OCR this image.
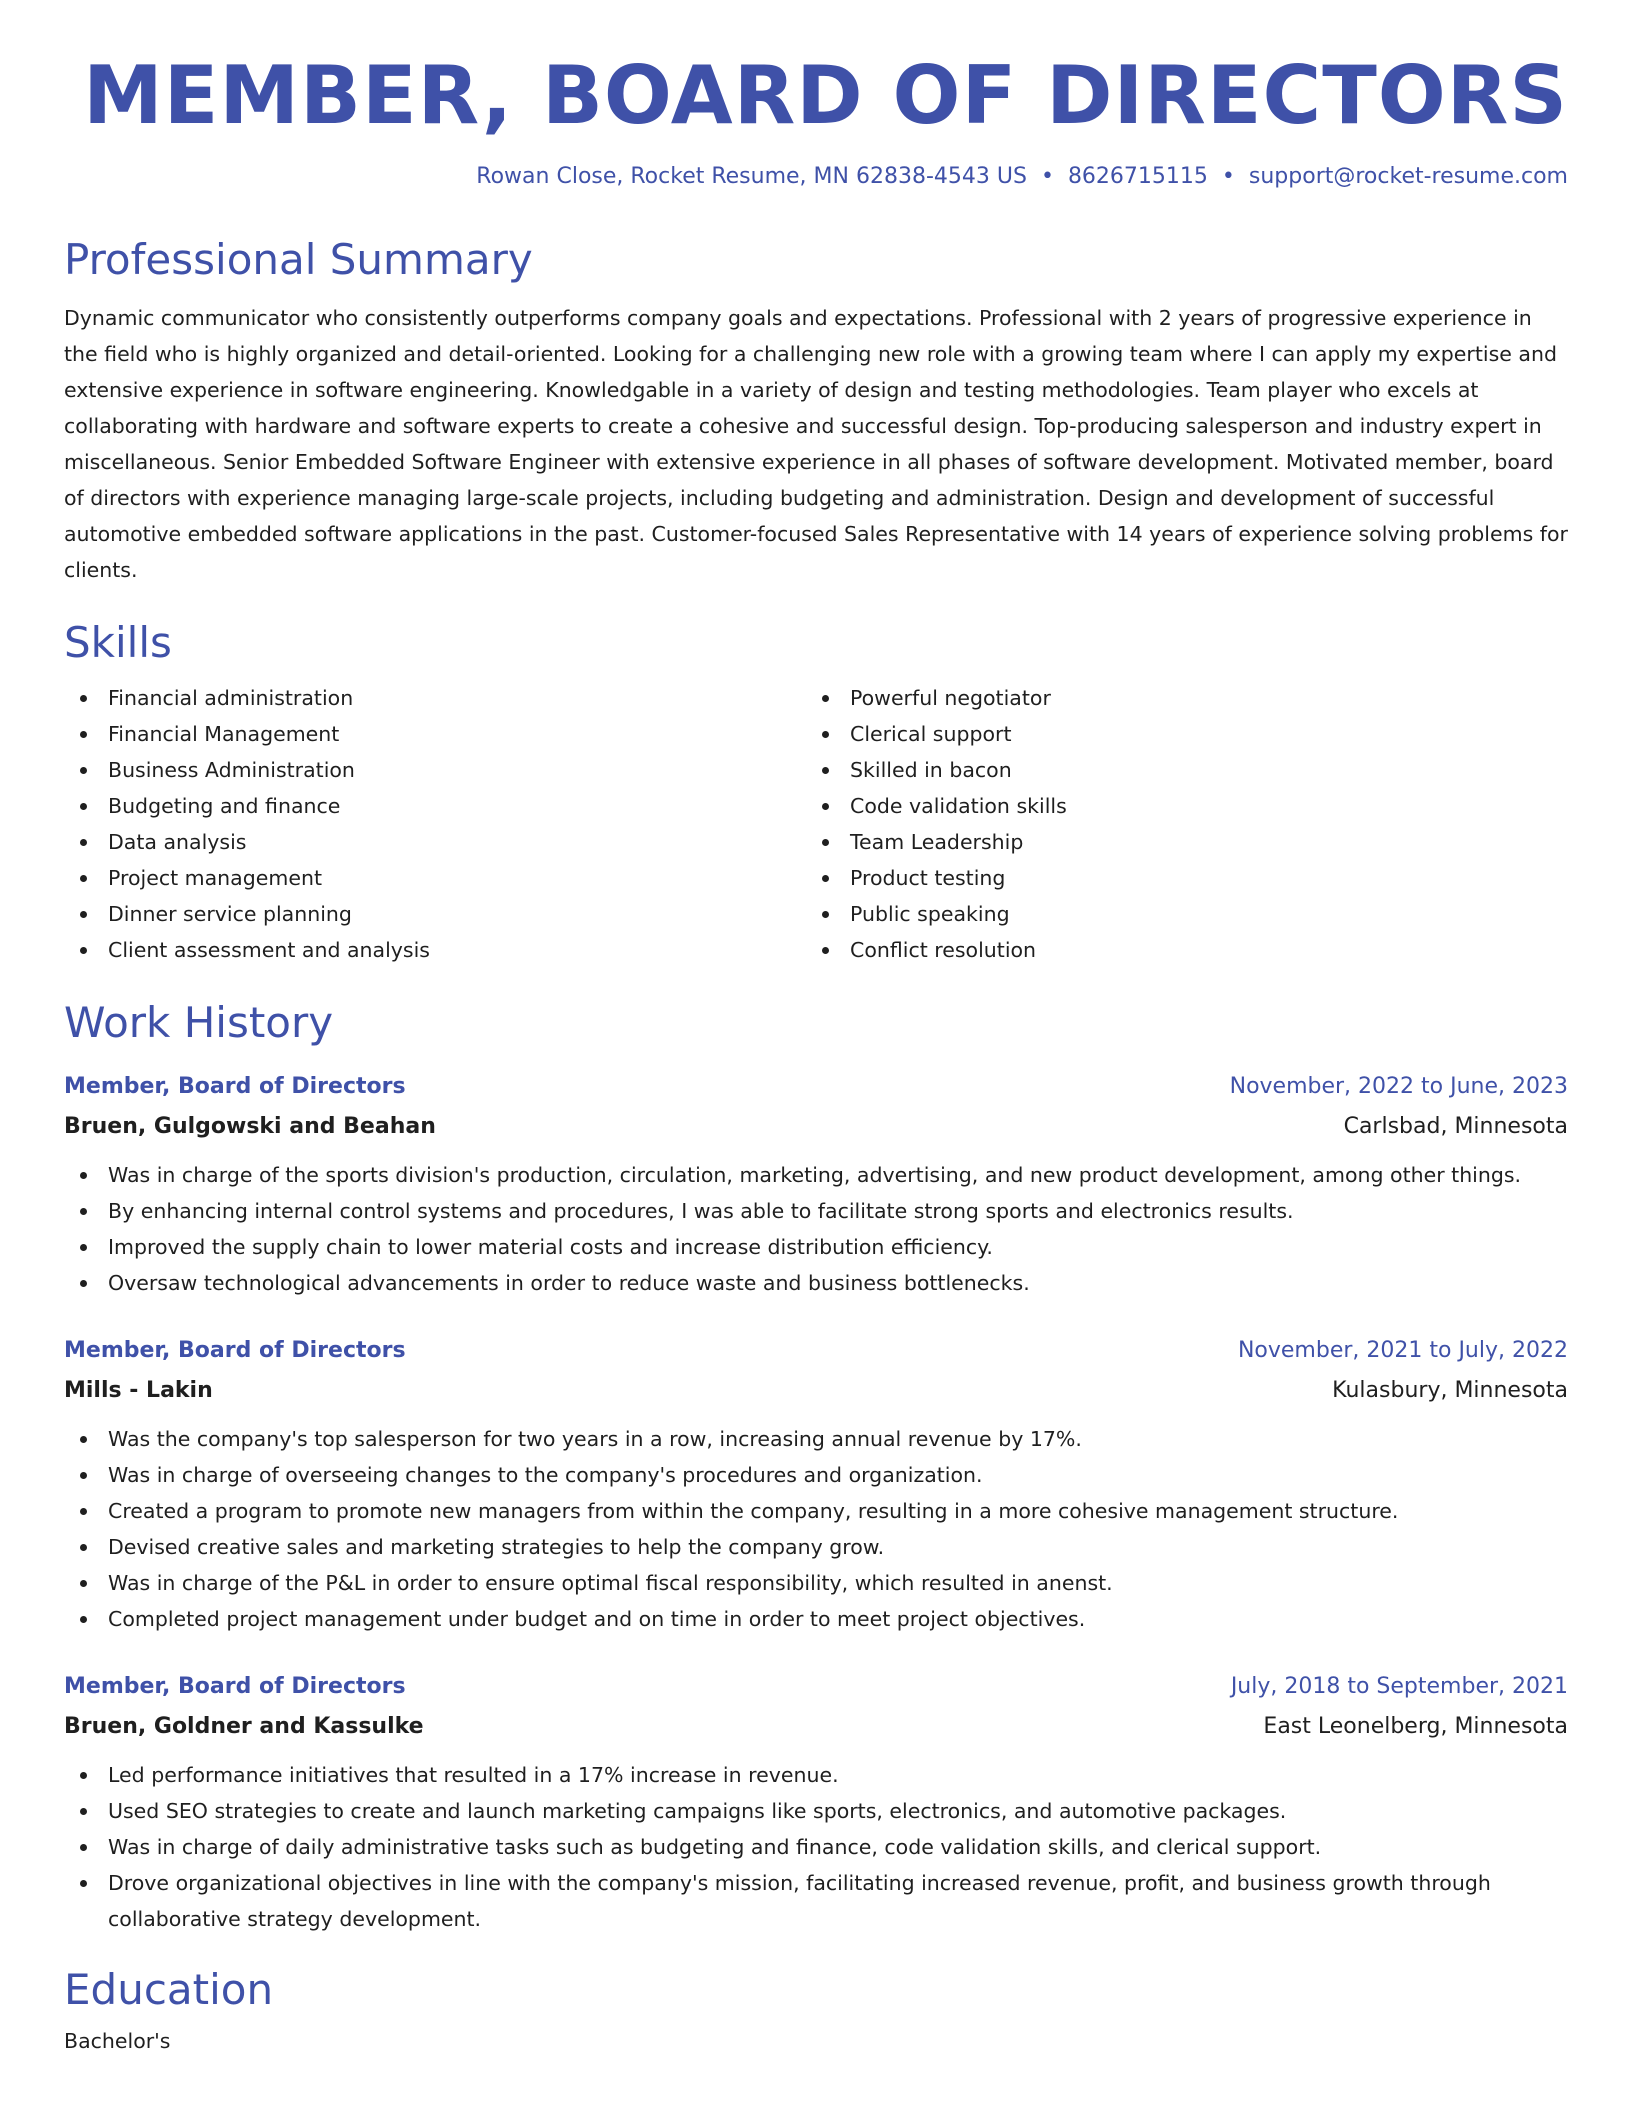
MEMBER, BOARD OF DIRECTORS
Rowan Close, Rocket Resume, MN 62838-4543 US • 8626715115 • support@rocket-resume.com
Professional Summary

Dynamic communicator who consistently outperforms company goals and expectations. Professional with 2 years of progressive experience in the field who is highly organized and detail-oriented. Looking for a challenging new role with a growing team where I can apply my expertise and extensive experience in software engineering. Knowledgable in a variety of design and testing methodologies. Team player who excels at collaborating with hardware and software experts to create a cohesive and successful design. Top-producing salesperson and industry expert in miscellaneous. Senior Embedded Software Engineer with extensive experience in all phases of software development. Motivated member, board of directors with experience managing large-scale projects, including budgeting and administration. Design and development of successful automotive embedded software applications in the past. Customer-focused Sales Representative with 14 years of experience solving problems for clients.

Skills
Financial administration
Financial Management
Business Administration
Budgeting and finance
Data analysis
Project management
Dinner service planning
Client assessment and analysis
Powerful negotiator
Clerical support
Skilled in bacon
Code validation skills
Team Leadership
Product testing
Public speaking
Conflict resolution
Work History
Member, Board of Directors	November, 2022 to June, 2023
Bruen, Gulgowski and Beahan	Carlsbad, Minnesota
Was in charge of the sports division's production, circulation, marketing, advertising, and new product development, among other things.
By enhancing internal control systems and procedures, I was able to facilitate strong sports and electronics results.
Improved the supply chain to lower material costs and increase distribution efficiency.
Oversaw technological advancements in order to reduce waste and business bottlenecks.
Member, Board of Directors	November, 2021 to July, 2022
Mills - Lakin	Kulasbury, Minnesota
Was the company's top salesperson for two years in a row, increasing annual revenue by 17%.
Was in charge of overseeing changes to the company's procedures and organization.
Created a program to promote new managers from within the company, resulting in a more cohesive management structure.
Devised creative sales and marketing strategies to help the company grow.
Was in charge of the P&L in order to ensure optimal fiscal responsibility, which resulted in anenst.
Completed project management under budget and on time in order to meet project objectives.
Member, Board of Directors	July, 2018 to September, 2021
Bruen, Goldner and Kassulke	East Leonelberg, Minnesota
Led performance initiatives that resulted in a 17% increase in revenue.
Used SEO strategies to create and launch marketing campaigns like sports, electronics, and automotive packages.
Was in charge of daily administrative tasks such as budgeting and finance, code validation skills, and clerical support.
Drove organizational objectives in line with the company's mission, facilitating increased revenue, profit, and business growth through collaborative strategy development.
Education
Bachelor's
